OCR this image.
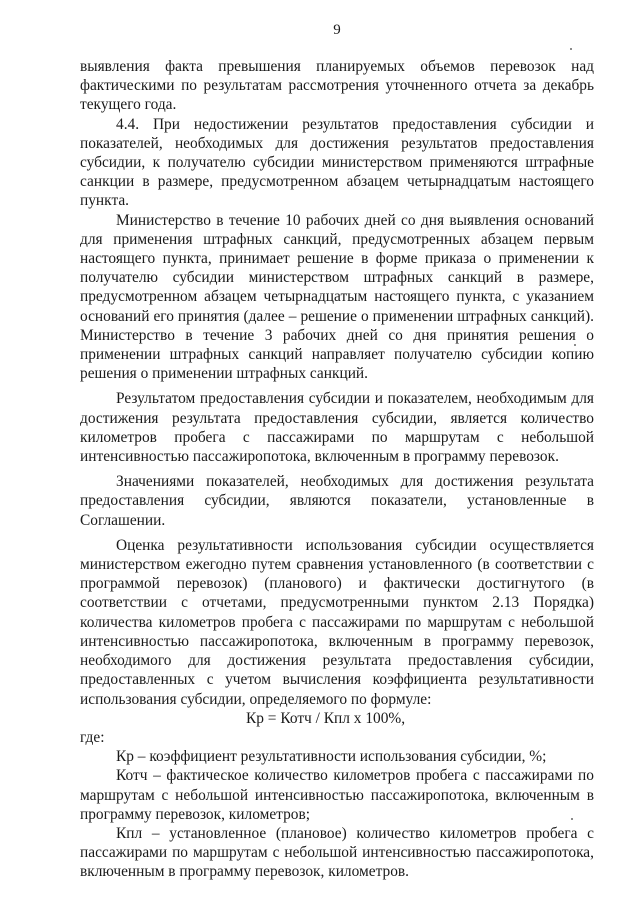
9

выявления факта превышения планируемых объемов перевозок над фактическими по результатам рассмотрения уточненного отчета за декабрь текущего года.

4.4. При недостижении результатов предоставления субсидии и показателей, необходимых для достижения результатов предоставления субсидии, к получателю субсидии министерством применяются штрафные санкции в размере, предусмотренном абзацем четырнадцатым настоящего пункта.

Министерство в течение 10 рабочих дней со дня выявления оснований для применения штрафных санкций, предусмотренных абзацем первым настоящего пункта, принимает решение в форме приказа о применении к получателю субсидии министерством штрафных санкций в размере, предусмотренном абзацем четырнадцатым настоящего пункта, с указанием оснований его принятия (далее – решение о применении штрафных санкций). Министерство в течение 3 рабочих дней со дня принятия решения о применении штрафных санкций направляет получателю субсидии копию решения о применении штрафных санкций.

Результатом предоставления субсидии и показателем, необходимым для достижения результата предоставления субсидии, является количество километров пробега с пассажирами по маршрутам с небольшой интенсивностью пассажиропотока, включенным в программу перевозок.

Значениями показателей, необходимых для достижения результата предоставления субсидии, являются показатели, установленные в Соглашении.

Оценка результативности использования субсидии осуществляется министерством ежегодно путем сравнения установленного (в соответствии с программой перевозок) (планового) и фактически достигнутого (в соответствии с отчетами, предусмотренными пунктом 2.13 Порядка) количества километров пробега с пассажирами по маршрутам с небольшой интенсивностью пассажиропотока, включенным в программу перевозок, необходимого для достижения результата предоставления субсидии, предоставленных с учетом вычисления коэффициента результативности использования субсидии, определяемого по формуле:

Кр = Котч / Кпл х 100%,

где:

Кр – коэффициент результативности использования субсидии, %;

Котч – фактическое количество километров пробега с пассажирами по маршрутам с небольшой интенсивностью пассажиропотока, включенным в программу перевозок, километров;

Кпл – установленное (плановое) количество километров пробега с пассажирами по маршрутам с небольшой интенсивностью пассажиропотока, включенным в программу перевозок, километров.
